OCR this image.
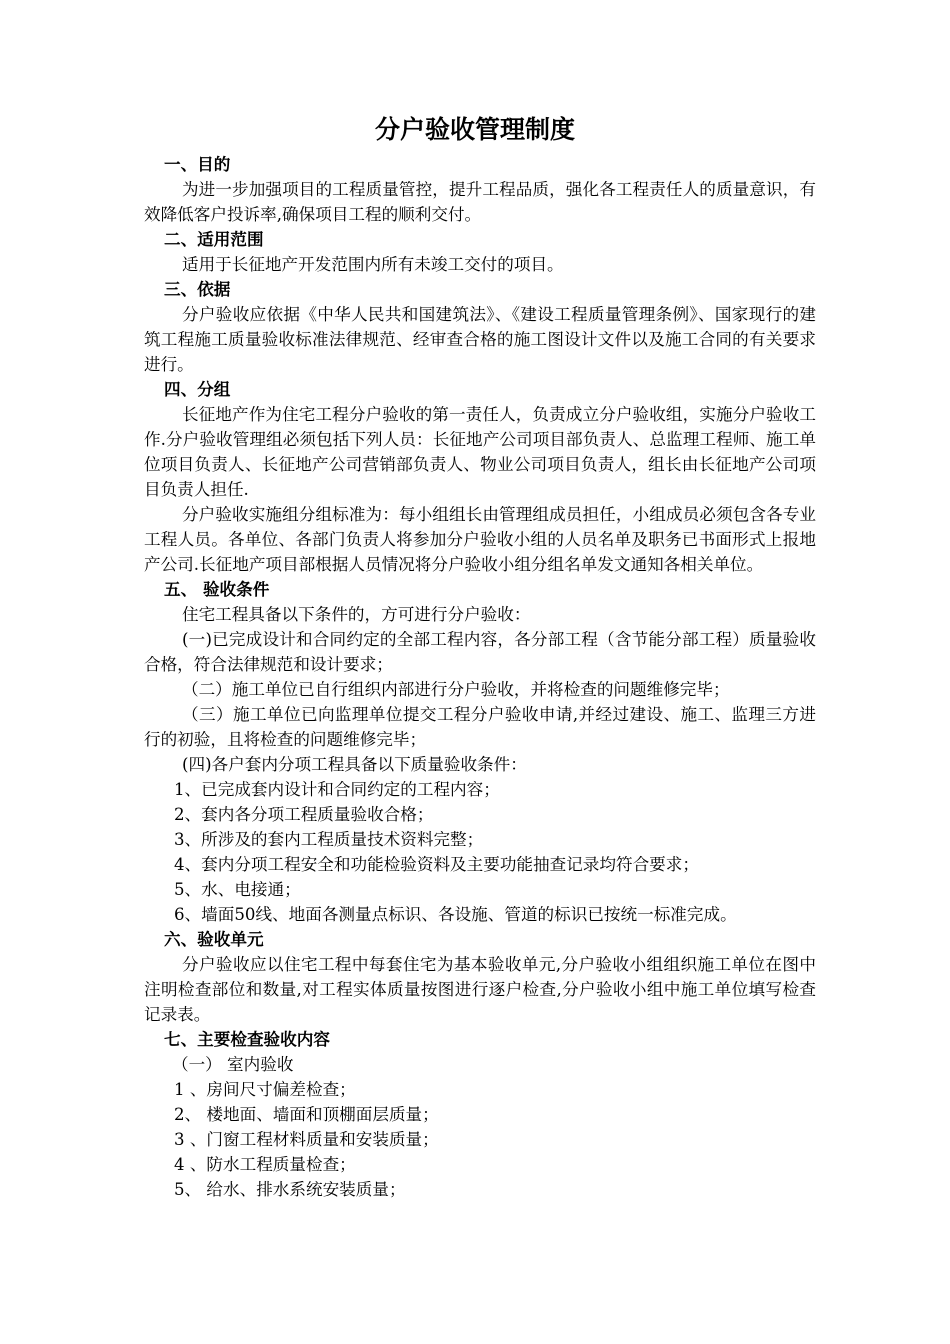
分户验收管理制度
一、目的
为进一步加强项目的工程质量管控，提升工程品质，强化各工程责任人的质量意识，有效降低客户投诉率,确保项目工程的顺利交付。
二、适用范围
适用于长征地产开发范围内所有未竣工交付的项目。
三、依据
分户验收应依据《中华人民共和国建筑法》、《建设工程质量管理条例》、国家现行的建筑工程施工质量验收标准法律规范、经审查合格的施工图设计文件以及施工合同的有关要求进行。
四、分组
长征地产作为住宅工程分户验收的第一责任人，负责成立分户验收组，实施分户验收工作.分户验收管理组必须包括下列人员：长征地产公司项目部负责人、总监理工程师、施工单位项目负责人、长征地产公司营销部负责人、物业公司项目负责人，组长由长征地产公司项目负责人担任.
分户验收实施组分组标准为：每小组组长由管理组成员担任，小组成员必须包含各专业工程人员。各单位、各部门负责人将参加分户验收小组的人员名单及职务已书面形式上报地产公司.长征地产项目部根据人员情况将分户验收小组分组名单发文通知各相关单位。
五、 验收条件
住宅工程具备以下条件的，方可进行分户验收：
(一)已完成设计和合同约定的全部工程内容，各分部工程（含节能分部工程）质量验收合格，符合法律规范和设计要求；
（二）施工单位已自行组织内部进行分户验收，并将检查的问题维修完毕；
（三）施工单位已向监理单位提交工程分户验收申请,并经过建设、施工、监理三方进行的初验，且将检查的问题维修完毕；
(四)各户套内分项工程具备以下质量验收条件：
1、已完成套内设计和合同约定的工程内容；
2、套内各分项工程质量验收合格；
3、所涉及的套内工程质量技术资料完整；
4、套内分项工程安全和功能检验资料及主要功能抽查记录均符合要求；
5、水、电接通；
6、墙面50线、地面各测量点标识、各设施、管道的标识已按统一标准完成。
六、验收单元
分户验收应以住宅工程中每套住宅为基本验收单元,分户验收小组组织施工单位在图中注明检查部位和数量,对工程实体质量按图进行逐户检查,分户验收小组中施工单位填写检查记录表。
七、主要检查验收内容
（一） 室内验收
1 、房间尺寸偏差检查；
2、 楼地面、墙面和顶棚面层质量；
3 、门窗工程材料质量和安装质量；
4 、防水工程质量检查；
5、 给水、排水系统安装质量；
